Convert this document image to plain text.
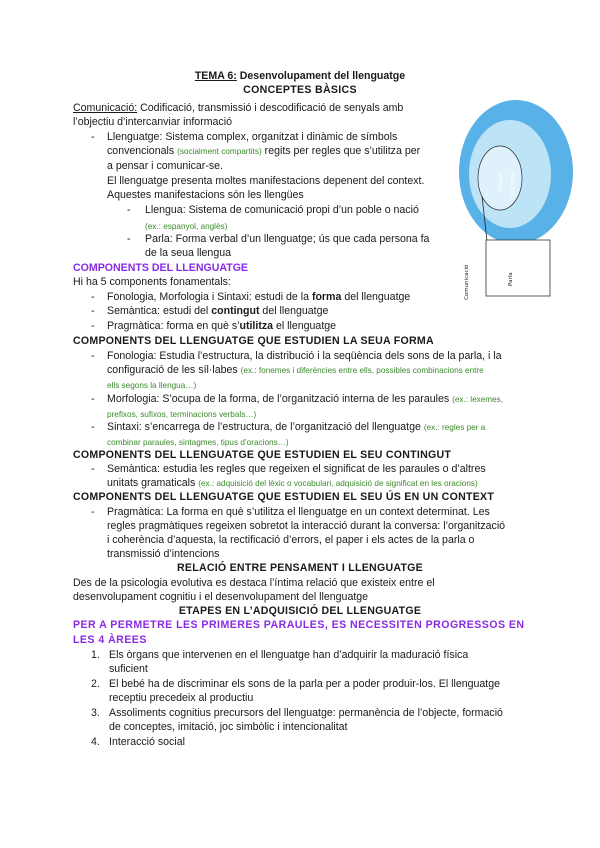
TEMA 6: Desenvolupament del llenguatge
CONCEPTES BÀSICS
Comunicació: Codificació, transmissió i descodificació de senyals amb
l’objectiu d’intercanviar informació
- Llenguatge: Sistema complex, organitzat i dinàmic de símbols
convencionals (socialment compartits) regits per regles que s’utilitza per
a pensar i comunicar-se.
El llenguatge presenta moltes manifestacions depenent del context.
Aquestes manifestacions són les llengües
- Llengua: Sistema de comunicació propi d’un poble o nació
(ex.: espanyol, anglès)
- Parla: Forma verbal d’un llenguatge; ús que cada persona fa
de la seua llengua
COMPONENTS DEL LLENGUATGE
Hi ha 5 components fonamentals:
- Fonologia, Morfologia i Sintaxi: estudi de la forma del llenguatge
- Semàntica: estudi del contingut del llenguatge
- Pragmàtica: forma en què s’utilitza el llenguatge
COMPONENTS DEL LLENGUATGE QUE ESTUDIEN LA SEUA FORMA
- Fonologia: Estudia l’estructura, la distribució i la seqüència dels sons de la parla, i la
configuració de les síl·labes (ex.: fonemes i diferències entre ells, possibles combinacions entre
ells segons la llengua…)
- Morfologia: S’ocupa de la forma, de l’organització interna de les paraules (ex.: lexemes,
prefixos, sufixos, terminacions verbals…)
- Sintaxi: s’encarrega de l’estructura, de l’organització del llenguatge (ex.: regles per a
combinar paraules, sintagmes, tipus d’oracions…)
COMPONENTS DEL LLENGUATGE QUE ESTUDIEN EL SEU CONTINGUT
- Semàntica: estudia les regles que regeixen el significat de les paraules o d’altres
unitats gramaticals (ex.: adquisició del lèxic o vocabulari, adquisició de significat en les oracions)
COMPONENTS DEL LLENGUATGE QUE ESTUDIEN EL SEU ÚS EN UN CONTEXT
- Pragmàtica: La forma en què s’utilitza el llenguatge en un context determinat. Les
regles pragmàtiques regeixen sobretot la interacció durant la conversa: l’organització
i coherència d’aquesta, la rectificació d’errors, el paper i els actes de la parla o
transmissió d’intencions
RELACIÓ ENTRE PENSAMENT I LLENGUATGE
Des de la psicologia evolutiva es destaca l’íntima relació que existeix entre el
desenvolupament cognitiu i el desenvolupament del llenguatge
ETAPES EN L’ADQUISICIÓ DEL LLENGUATGE
PER A PERMETRE LES PRIMERES PARAULES, ES NECESSITEN PROGRESSOS EN
LES 4 ÀREES
1. Els òrgans que intervenen en el llenguatge han d’adquirir la maduració física
suficient
2. El bebé ha de discriminar els sons de la parla per a poder produir-los. El llenguatge
receptiu precedeix al productiu
3. Assoliments cognitius precursors del llenguatge: permanència de l’objecte, formació
de conceptes, imitació, joc simbòlic i intencionalitat
4. Interacció social
Llengua Llenguatge
Comunicació	Parla
